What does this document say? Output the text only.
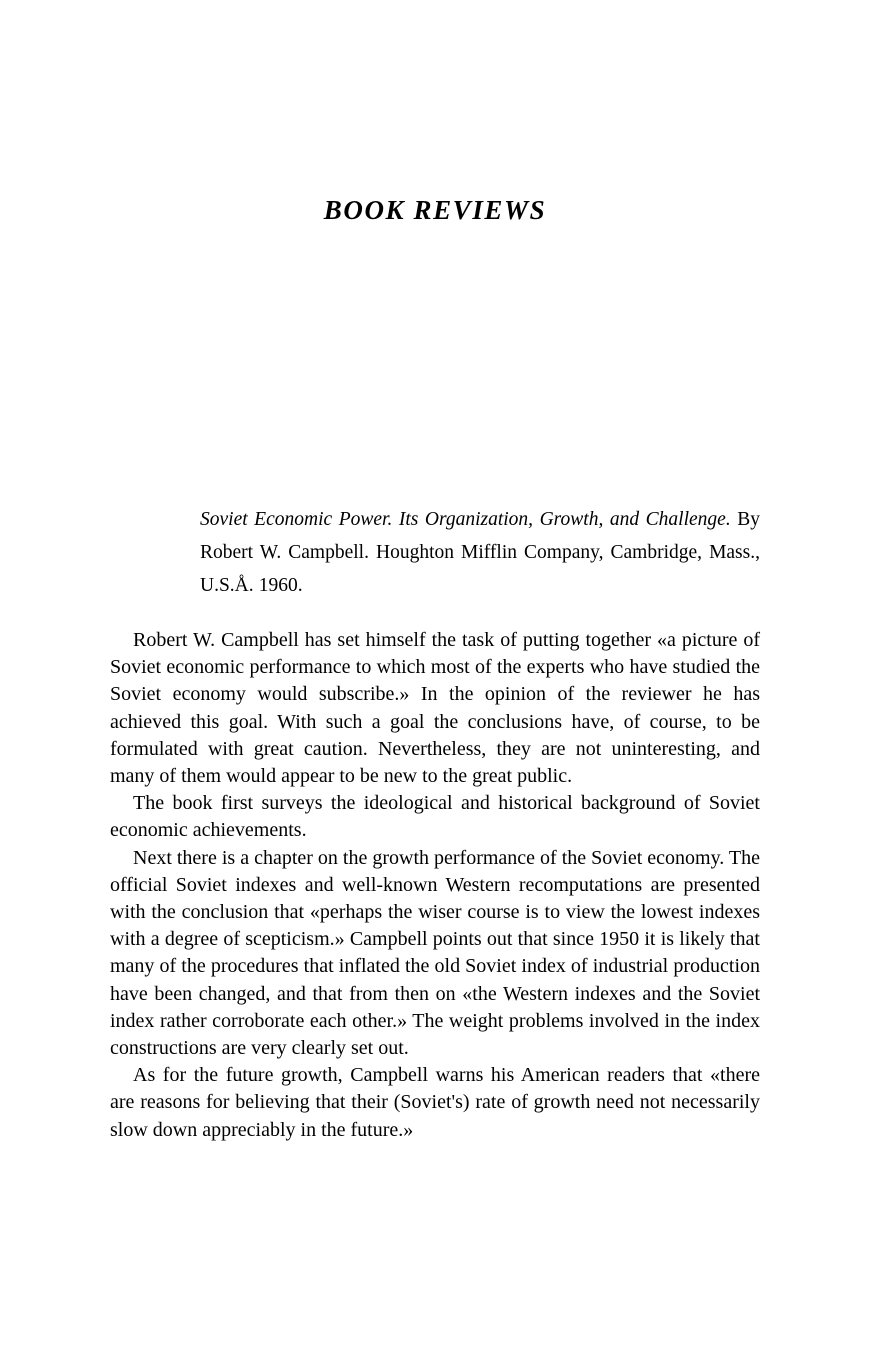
BOOK REVIEWS
Soviet Economic Power. Its Organization, Growth, and Challenge. By Robert W. Campbell. Houghton Mifflin Company, Cambridge, Mass., U.S.Å. 1960.

Robert W. Campbell has set himself the task of putting together «a picture of Soviet economic performance to which most of the experts who have studied the Soviet economy would subscribe.» In the opinion of the reviewer he has achieved this goal. With such a goal the conclusions have, of course, to be formulated with great caution. Nevertheless, they are not uninteresting, and many of them would appear to be new to the great public.

The book first surveys the ideological and historical background of Soviet economic achievements.

Next there is a chapter on the growth performance of the Soviet economy. The official Soviet indexes and well-known Western recomputations are presented with the conclusion that «perhaps the wiser course is to view the lowest indexes with a degree of scepticism.» Campbell points out that since 1950 it is likely that many of the procedures that inflated the old Soviet index of industrial production have been changed, and that from then on «the Western indexes and the Soviet index rather corroborate each other.» The weight problems involved in the index constructions are very clearly set out.

As for the future growth, Campbell warns his American readers that «there are reasons for believing that their (Soviet's) rate of growth need not necessarily slow down appreciably in the future.»
